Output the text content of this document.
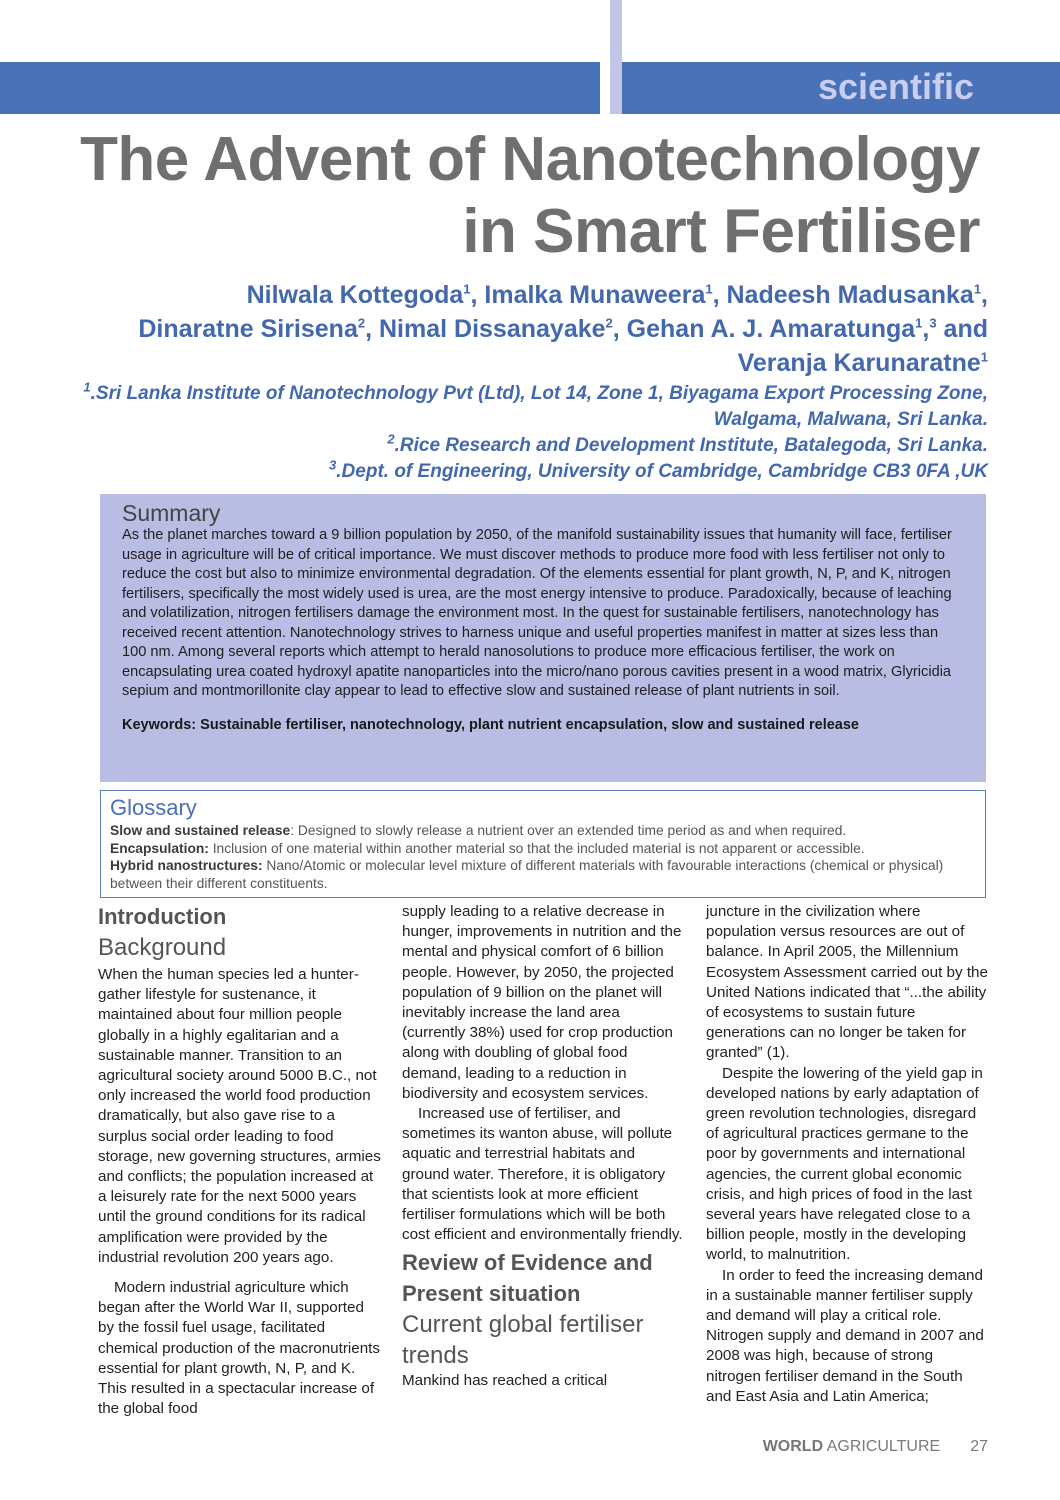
scientific
The Advent of Nanotechnology
in Smart Fertiliser
Nilwala Kottegoda$^1$, Imalka Munaweera$^1$, Nadeesh Madusanka$^1$,
Dinaratne Sirisena$^2$, Nimal Dissanayake$^2$, Gehan A. J. Amaratunga$^1$,$^3$ and Veranja Karunaratne$^1$
$^1$.Sri Lanka Institute of Nanotechnology Pvt (Ltd), Lot 14, Zone 1, Biyagama Export Processing Zone, Walgama, Malwana, Sri Lanka.
$^2$.Rice Research and Development Institute, Batalegoda, Sri Lanka.
$^3$.Dept. of Engineering, University of Cambridge, Cambridge CB3 0FA ,UK
Summary

As the planet marches toward a 9 billion population by 2050, of the manifold sustainability issues that humanity will face, fertiliser usage in agriculture will be of critical importance. We must discover methods to produce more food with less fertiliser not only to reduce the cost but also to minimize environmental degradation. Of the elements essential for plant growth, N, P, and K, nitrogen fertilisers, specifically the most widely used is urea, are the most energy intensive to produce. Paradoxically, because of leaching and volatilization, nitrogen fertilisers damage the environment most. In the quest for sustainable fertilisers, nanotechnology has received recent attention. Nanotechnology strives to harness unique and useful properties manifest in matter at sizes less than 100 nm. Among several reports which attempt to herald nanosolutions to produce more efficacious fertiliser, the work on encapsulating urea coated hydroxyl apatite nanoparticles into the micro/nano porous cavities present in a wood matrix, Glyricidia sepium and montmorillonite clay appear to lead to effective slow and sustained release of plant nutrients in soil.

Keywords: Sustainable fertiliser, nanotechnology, plant nutrient encapsulation, slow and sustained release

Glossary

Slow and sustained release: Designed to slowly release a nutrient over an extended time period as and when required.
Encapsulation: Inclusion of one material within another material so that the included material is not apparent or accessible.
Hybrid nanostructures: Nano/Atomic or molecular level mixture of different materials with favourable interactions (chemical or physical) between their different constituents.

Introduction
Background

When the human species led a hunter-gather lifestyle for sustenance, it maintained about four million people globally in a highly egalitarian and a sustainable manner. Transition to an agricultural society around 5000 B.C., not only increased the world food production dramatically, but also gave rise to a surplus social order leading to food storage, new governing structures, armies and conflicts; the population increased at a leisurely rate for the next 5000 years until the ground conditions for its radical amplification were provided by the industrial revolution 200 years ago.

Modern industrial agriculture which began after the World War II, supported by the fossil fuel usage, facilitated chemical production of the macronutrients essential for plant growth, N, P, and K. This resulted in a spectacular increase of the global food

supply leading to a relative decrease in hunger, improvements in nutrition and the mental and physical comfort of 6 billion people. However, by 2050, the projected population of 9 billion on the planet will inevitably increase the land area (currently 38%) used for crop production along with doubling of global food demand, leading to a reduction in biodiversity and ecosystem services.

Increased use of fertiliser, and sometimes its wanton abuse, will pollute aquatic and terrestrial habitats and ground water. Therefore, it is obligatory that scientists look at more efficient fertiliser formulations which will be both cost efficient and environmentally friendly.

Review of Evidence and Present situation
Current global fertiliser trends

Mankind has reached a critical

juncture in the civilization where population versus resources are out of balance. In April 2005, the Millennium Ecosystem Assessment carried out by the United Nations indicated that “...the ability of ecosystems to sustain future generations can no longer be taken for granted” (1).

Despite the lowering of the yield gap in developed nations by early adaptation of green revolution technologies, disregard of agricultural practices germane to the poor by governments and international agencies, the current global economic crisis, and high prices of food in the last several years have relegated close to a billion people, mostly in the developing world, to malnutrition.

In order to feed the increasing demand in a sustainable manner fertiliser supply and demand will play a critical role. Nitrogen supply and demand in 2007 and 2008 was high, because of strong nitrogen fertiliser demand in the South and East Asia and Latin America;

WORLD AGRICULTURE 27
